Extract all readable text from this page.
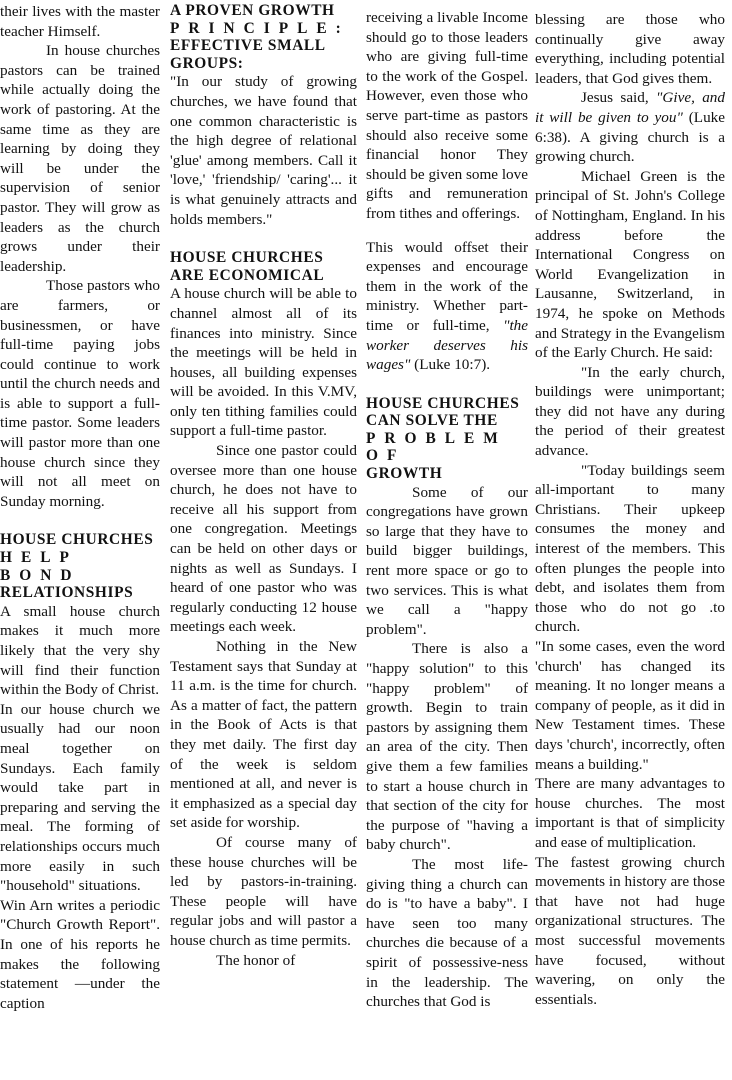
their lives with the master teacher Himself.

In house churches pastors can be trained while actually doing the work of pastoring. At the same time as they are learning by doing they will be under the supervision of senior pastor. They will grow as leaders as the church grows under their leadership.

Those pastors who are farmers, or businessmen, or have full-time paying jobs could continue to work until the church needs and is able to support a full-time pastor. Some leaders will pastor more than one house church since they will not all meet on Sunday morning.

HOUSE CHURCHES
HELP BOND
RELATIONSHIPS

A small house church makes it much more likely that the very shy will find their function within the Body of Christ.

In our house church we usually had our noon meal together on Sundays. Each family would take part in preparing and serving the meal. The forming of relationships occurs much more easily in such "household" situations.

Win Arn writes a periodic "Church Growth Report". In one of his reports he makes the following statement —under the caption

A PROVEN GROWTH
PRINCIPLE:
EFFECTIVE SMALL GROUPS:

"In our study of growing churches, we have found that one common characteristic is the high degree of relational 'glue' among members. Call it 'love,' 'friendship/ 'caring'... it is what genuinely attracts and holds members."

HOUSE CHURCHES
ARE ECONOMICAL

A house church will be able to channel almost all of its finances into ministry. Since the meetings will be held in houses, all building expenses will be avoided. In this V.MV, only ten tithing families could support a full-time pastor.

Since one pastor could oversee more than one house church, he does not have to receive all his support from one congregation. Meetings can be held on other days or nights as well as Sundays. I heard of one pastor who was regularly conducting 12 house meetings each week.

Nothing in the New Testament says that Sunday at 11 a.m. is the time for church. As a matter of fact, the pattern in the Book of Acts is that they met daily. The first day of the week is seldom mentioned at all, and never is it emphasized as a special day set aside for worship.

Of course many of these house churches will be led by pastors-in-training. These people will have regular jobs and will pastor a house church as time permits.

The honor of

receiving a livable Income should go to those leaders who are giving full-time to the work of the Gospel. However, even those who serve part-time as pastors should also receive some financial honor They should be given some love gifts and remuneration from tithes and offerings.

This would offset their expenses and encourage them in the work of the ministry. Whether part-time or full-time, "the worker deserves his wages" (Luke 10:7).

HOUSE CHURCHES
CAN SOLVE THE
PROBLEM OF
GROWTH

Some of our congregations have grown so large that they have to build bigger buildings, rent more space or go to two services. This is what we call a "happy problem".

There is also a "happy solution" to this "happy problem" of growth. Begin to train pastors by assigning them an area of the city. Then give them a few families to start a house church in that section of the city for the purpose of "having a baby church".

The most life-giving thing a church can do is "to have a baby". I have seen too many churches die because of a spirit of possessive-ness in the leadership. The churches that God is

blessing are those who continually give away everything, including potential leaders, that God gives them.

Jesus said, "Give, and it will be given to you" (Luke 6:38). A giving church is a growing church.

Michael Green is the principal of St. John's College of Nottingham, England. In his address before the International Congress on World Evangelization in Lausanne, Switzerland, in 1974, he spoke on Methods and Strategy in the Evangelism of the Early Church. He said:

"In the early church, buildings were unimportant; they did not have any during the period of their greatest advance.

"Today buildings seem all-important to many Christians. Their upkeep consumes the money and interest of the members. This often plunges the people into debt, and isolates them from those who do not go .to church.

"In some cases, even the word 'church' has changed its meaning. It no longer means a company of people, as it did in New Testament times. These days 'church', incorrectly, often means a building."

There are many advantages to house churches. The most important is that of simplicity and ease of multiplication.

The fastest growing church movements in history are those that have not had huge organizational structures. The most successful movements have focused, without wavering, on only the essentials.
